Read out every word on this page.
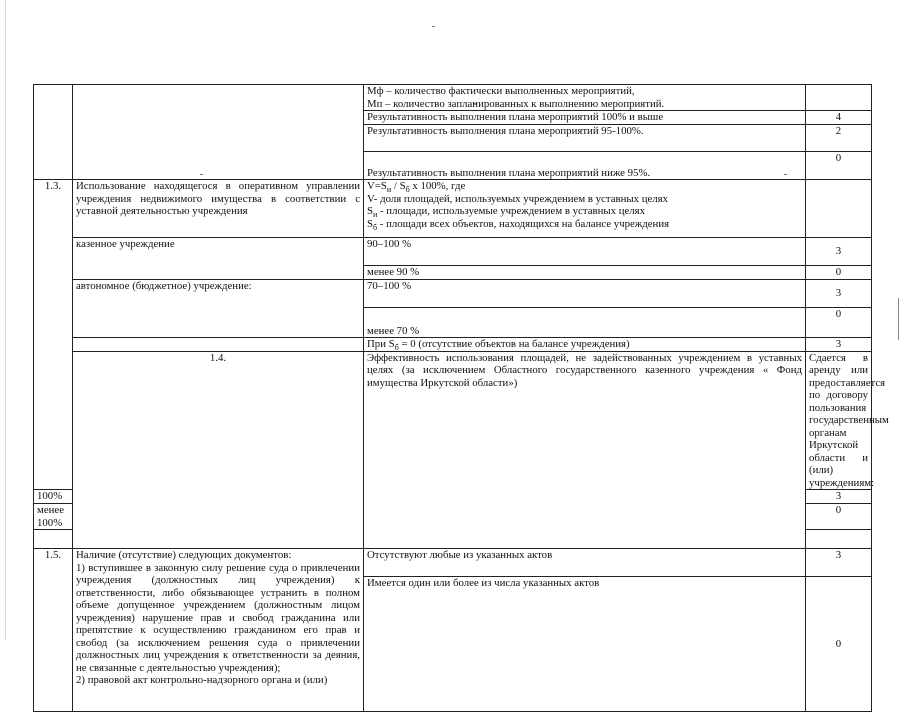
		Мф – количество фактически выполненных мероприятий,
Мп – количество запланированных к выполнению мероприятий.		

		Результативность выполнения плана мероприятий 100% и выше	4	
		Результативность выполнения плана мероприятий 95-100%.	2	
		Результативность выполнения плана мероприятий ниже 95%.	0	
1.3.	Использование находящегося в оперативном управлении учреждения недвижимого имущества в соответствии с уставной деятельностью учреждения	$V=S_и / S_б$ х 100%, где
V- доля площадей, используемых учреждением в уставных целях
$S_и$ - площади, используемые учреждением в уставных целях
$S_б$ - площади всех объектов, находящихся на балансе учреждения		

	казенное учреждение	90–100 %	3	
		менее 90 %	0	
	автономное (бюджетное) учреждение:	70–100 %	3	
		менее 70 %	0	
		При $S_б = 0$ (отсутствие объектов на балансе учреждения)	3	
	1.4.	Эффективность использования площадей, не задействованных учреждением в уставных целях (за исключением Областного государственного казенного учреждения « Фонд имущества Иркутской области»)	Сдается в аренду или предоставляется по договору пользования государственным органам Иркутской области и (или) учреждениям:	
100%			3	
менее 100%			0	

1.5.	Наличие (отсутствие) следующих документов:
1) вступившее в законную силу решение суда о привлечении учреждения (должностных лиц учреждения) к ответственности, либо обязывающее устранить в полном объеме допущенное учреждением (должностным лицом учреждения) нарушение прав и свобод гражданина или препятствие к осуществлению гражданином его прав и свобод (за исключением решения суда о привлечении должностных лиц учреждения к ответственности за деяния, не связанные с деятельностью учреждения);
2) правовой акт контрольно-надзорного органа и (или)	Отсутствуют любые из указанных актов	3	
		Имеется один или более из числа указанных актов	0	
